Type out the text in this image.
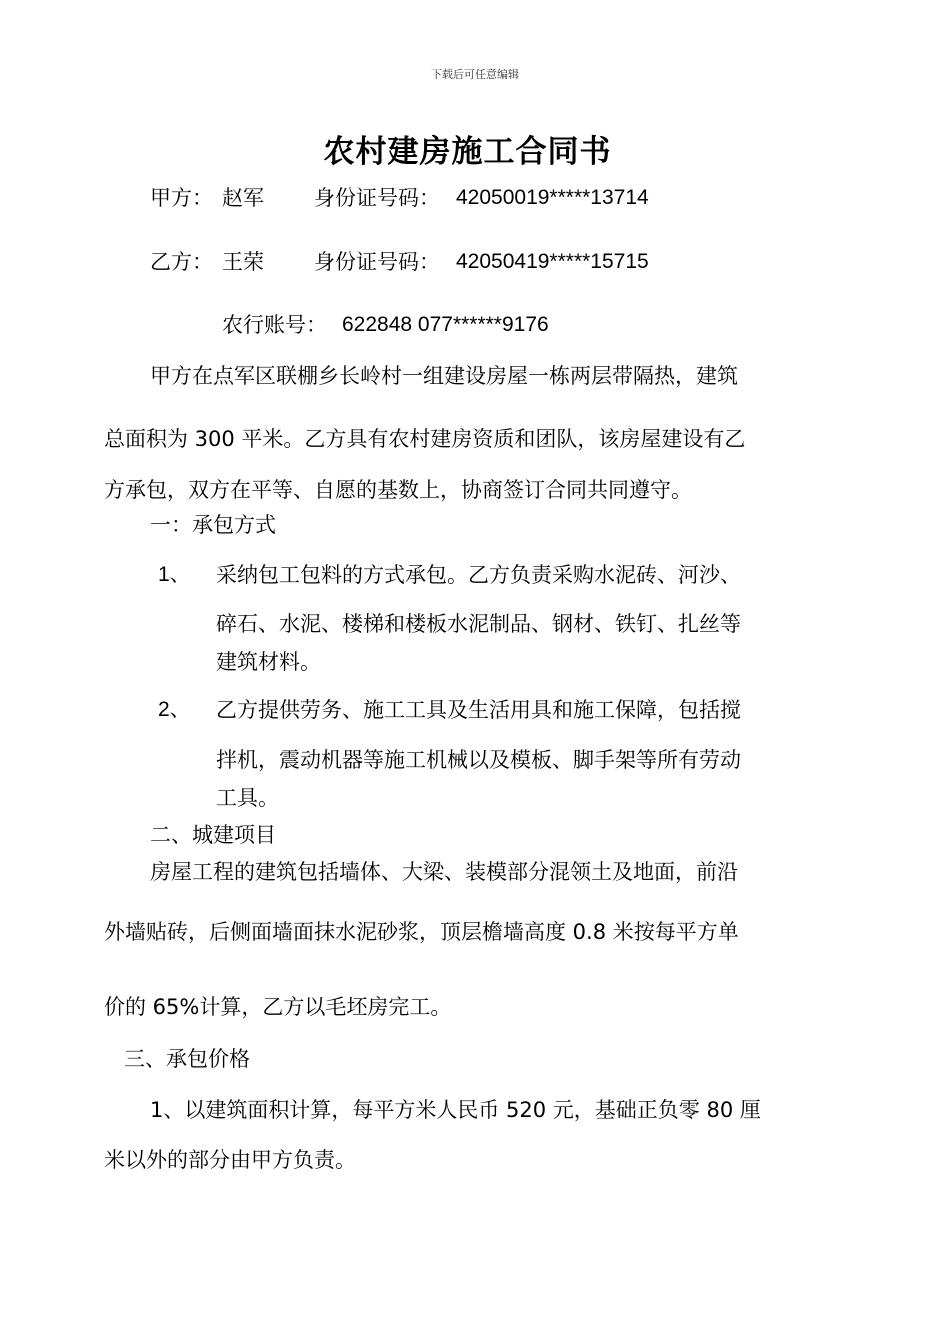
下载后可任意编辑
农村建房施工合同书
甲方： 赵军 身份证号码： 42050019*****13714
乙方： 王荣 身份证号码： 42050419*****15715
农行账号： 622848 077******9176
甲方在点军区联棚乡长岭村一组建设房屋一栋两层带隔热，建筑
总面积为 300 平米。乙方具有农村建房资质和团队，该房屋建设有乙
方承包，双方在平等、自愿的基数上，协商签订合同共同遵守。
一：承包方式
1、 采纳包工包料的方式承包。乙方负责采购水泥砖、河沙、
碎石、水泥、楼梯和楼板水泥制品、钢材、铁钉、扎丝等
建筑材料。
2、 乙方提供劳务、施工工具及生活用具和施工保障，包括搅
拌机，震动机器等施工机械以及模板、脚手架等所有劳动
工具。
二、城建项目
房屋工程的建筑包括墙体、大梁、装模部分混领土及地面，前沿
外墙贴砖，后侧面墙面抹水泥砂浆，顶层檐墙高度 0.8 米按每平方单
价的 65%计算，乙方以毛坯房完工。
三、承包价格
1、以建筑面积计算，每平方米人民币 520 元，基础正负零 80 厘
米以外的部分由甲方负责。
